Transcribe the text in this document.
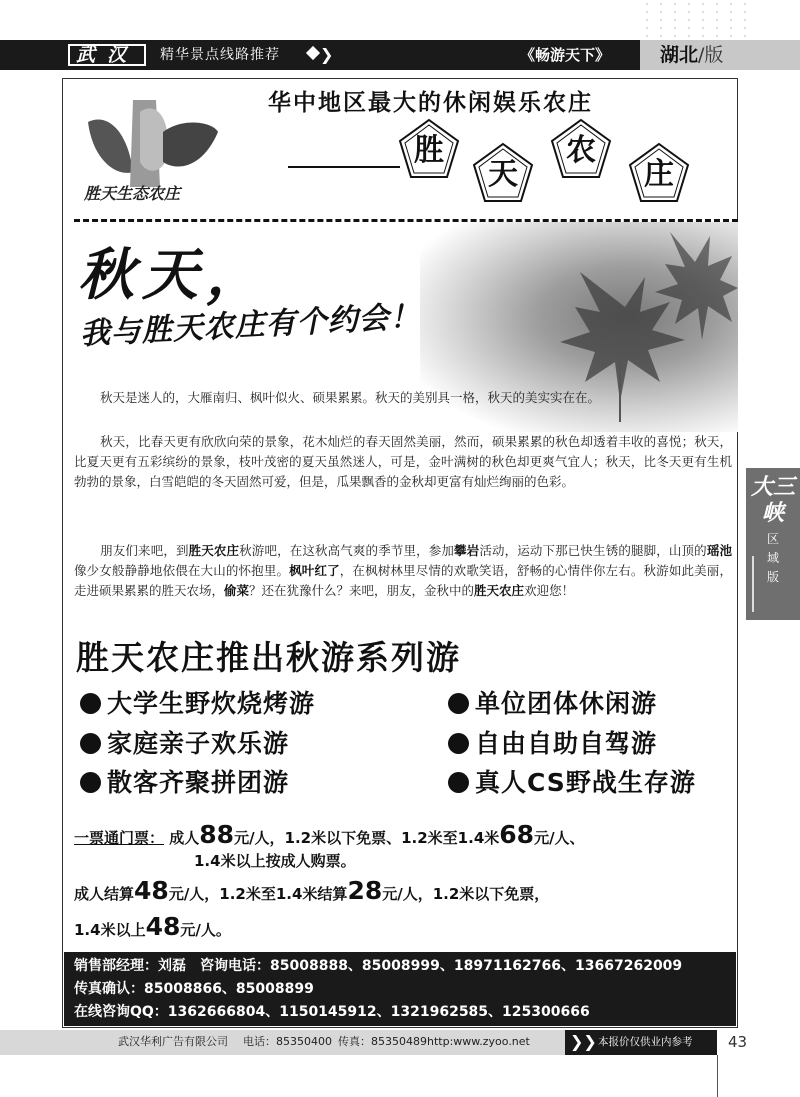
武汉	精华景点线路推荐	❯	《畅游天下》	湖北/版
大三峡
区
域
版
胜天生态农庄
华中地区最大的休闲娱乐农庄
胜
天
农
庄
秋天，
我与胜天农庄有个约会！
秋天是迷人的，大雁南归、枫叶似火、硕果累累。秋天的美别具一格，秋天的美实实在在。
秋天，比春天更有欣欣向荣的景象，花木灿烂的春天固然美丽，然而，硕果累累的秋色却透着丰收的喜悦；秋天，比夏天更有五彩缤纷的景象，枝叶茂密的夏天虽然迷人，可是，金叶满树的秋色却更爽气宜人；秋天，比冬天更有生机勃勃的景象，白雪皑皑的冬天固然可爱，但是，瓜果飘香的金秋却更富有灿烂绚丽的色彩。
朋友们来吧，到胜天农庄秋游吧，在这秋高气爽的季节里，参加攀岩活动，运动下那已快生锈的腿脚，山顶的瑶池像少女般静静地依偎在大山的怀抱里。枫叶红了，在枫树林里尽情的欢歌笑语，舒畅的心情伴你左右。秋游如此美丽，走进硕果累累的胜天农场，偷菜？还在犹豫什么？来吧，朋友，金秋中的胜天农庄欢迎您！
胜天农庄推出秋游系列游
大学生野炊烧烤游	单位团体休闲游
家庭亲子欢乐游	自由自助自驾游
散客齐聚拼团游	真人CS野战生存游
一票通门票： 成人88元/人，1.2米以下免票、1.2米至1.4米68元/人、
1.4米以上按成人购票。
成人结算48元/人，1.2米至1.4米结算28元/人，1.2米以下免票，
1.4米以上48元/人。
销售部经理：刘磊　咨询电话：85008888、85008999、18971162766、13667262009
传真确认：85008866、85008899
在线咨询QQ：1362666804、1150145912、1321962585、125300666
武汉华利广告有限公司 电话：85350400 传真：85350489 http:www.zyoo.net	❯❯ 本报价仅供业内参考 43
